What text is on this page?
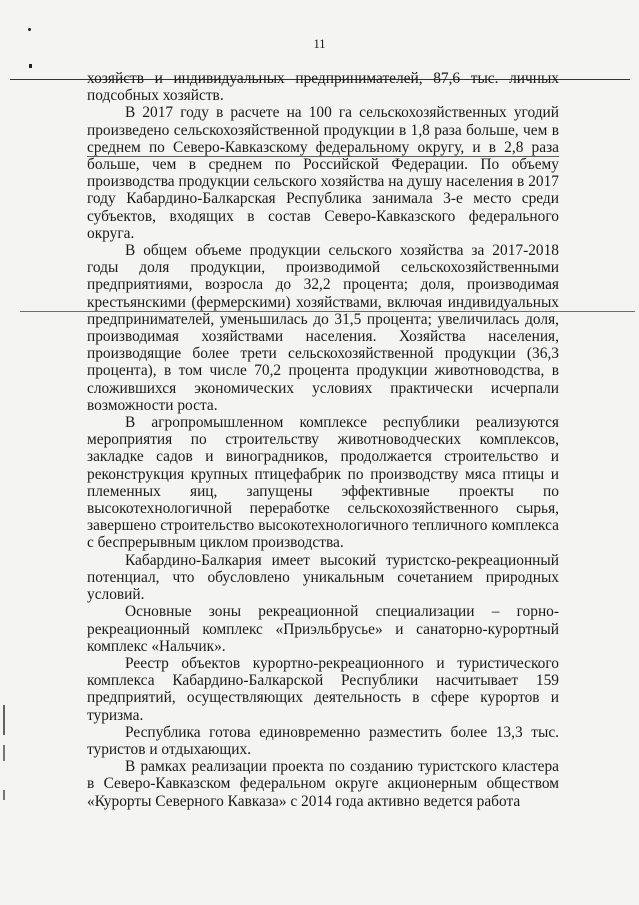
11

хозяйств и индивидуальных предпринимателей, 87,6 тыс. личных подсобных хозяйств.

В 2017 году в расчете на 100 га сельскохозяйственных угодий произведено сельскохозяйственной продукции в 1,8 раза больше, чем в среднем по Северо-Кавказскому федеральному округу, и в 2,8 раза больше, чем в среднем по Российской Федерации. По объему производства продукции сельского хозяйства на душу населения в 2017 году Кабардино-Балкарская Республика занимала 3-е место среди субъектов, входящих в состав Северо-Кавказского федерального округа.

В общем объеме продукции сельского хозяйства за 2017-2018 годы доля продукции, производимой сельскохозяйственными предприятиями, возросла до 32,2 процента; доля, производимая крестьянскими (фермерскими) хозяйствами, включая индивидуальных предпринимателей, уменьшилась до 31,5 процента; увеличилась доля, производимая хозяйствами населения. Хозяйства населения, производящие более трети сельскохозяйственной продукции (36,3 процента), в том числе 70,2 процента продукции животноводства, в сложившихся экономических условиях практически исчерпали возможности роста.

В агропромышленном комплексе республики реализуются мероприятия по строительству животноводческих комплексов, закладке садов и виноградников, продолжается строительство и реконструкция крупных птицефабрик по производству мяса птицы и племенных яиц, запущены эффективные проекты по высокотехнологичной переработке сельскохозяйственного сырья, завершено строительство высокотехнологичного тепличного комплекса с беспрерывным циклом производства.

Кабардино-Балкария имеет высокий туристско-рекреационный потенциал, что обусловлено уникальным сочетанием природных условий.

Основные зоны рекреационной специализации – горно-рекреационный комплекс «Приэльбрусье» и санаторно-курортный комплекс «Нальчик».

Реестр объектов курортно-рекреационного и туристического комплекса Кабардино-Балкарской Республики насчитывает 159 предприятий, осуществляющих деятельность в сфере курортов и туризма.

Республика готова единовременно разместить более 13,3 тыс. туристов и отдыхающих.

В рамках реализации проекта по созданию туристского кластера в Северо-Кавказском федеральном округе акционерным обществом «Курорты Северного Кавказа» с 2014 года активно ведется работа
